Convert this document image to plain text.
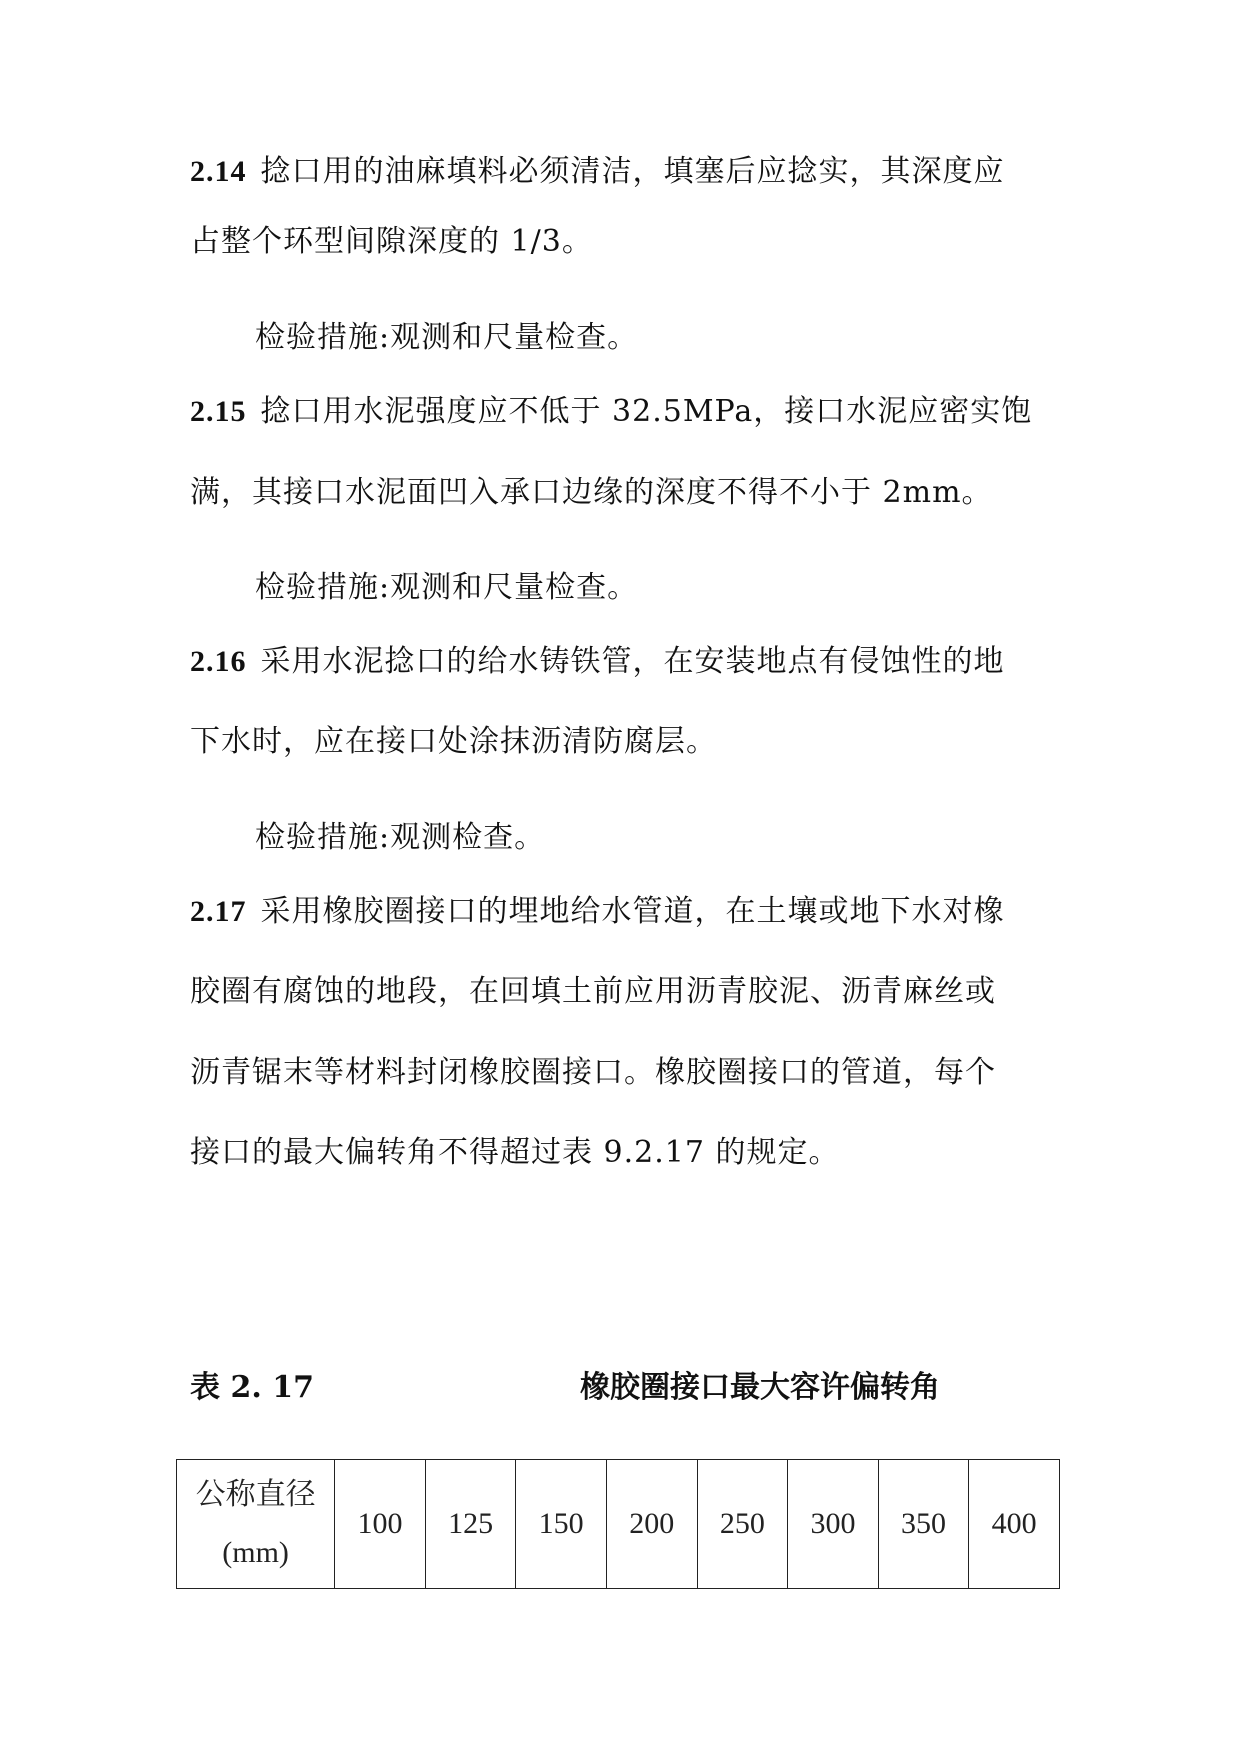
2.14 捻口用的油麻填料必须清洁，填塞后应捻实，其深度应
占整个环型间隙深度的 1/3。
检验措施:观测和尺量检查。
2.15 捻口用水泥强度应不低于 32.5MPa，接口水泥应密实饱
满，其接口水泥面凹入承口边缘的深度不得不小于 2mm。
检验措施:观测和尺量检查。
2.16 采用水泥捻口的给水铸铁管，在安装地点有侵蚀性的地
下水时，应在接口处涂抹沥清防腐层。
检验措施:观测检查。
2.17 采用橡胶圈接口的埋地给水管道，在土壤或地下水对橡
胶圈有腐蚀的地段，在回填土前应用沥青胶泥、沥青麻丝或
沥青锯末等材料封闭橡胶圈接口。橡胶圈接口的管道，每个
接口的最大偏转角不得超过表 9.2.17 的规定。
表 2. 17	橡胶圈接口最大容许偏转角
公称直径
(mm)
	100	125	150	200	250	300	350	400
